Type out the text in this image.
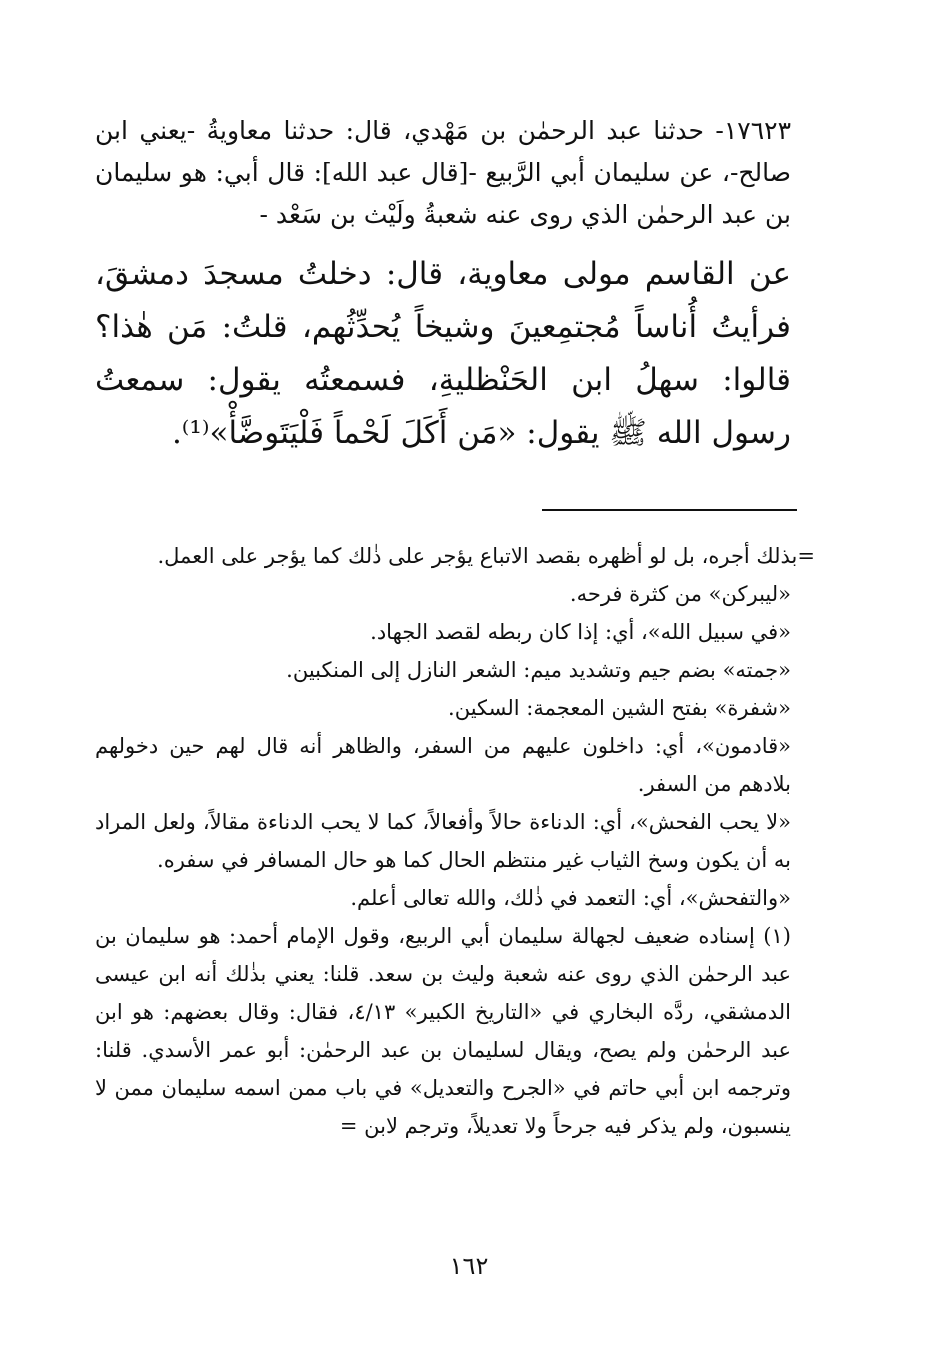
١٧٦٢٣- حدثنا عبد الرحمٰن بن مَهْدي، قال: حدثنا معاويةُ -يعني ابن صالح-، عن سليمان أبي الرَّبيع -[قال عبد الله]: قال أبي: هو سليمان بن عبد الرحمٰن الذي روى عنه شعبةُ ولَيْث بن سَعْد -

عن القاسم مولى معاوية، قال: دخلتُ مسجدَ دمشقَ، فرأيتُ أُناساً مُجتمِعينَ وشيخاً يُحدِّثُهم، قلتُ: مَن هٰذا؟ قالوا: سهلُ ابن الحَنْظليةِ، فسمعتُه يقول: سمعتُ رسول الله ﷺ يقول: «مَن أَكَلَ لَحْماً فَلْيَتَوضَّأْ»⁽¹⁾.

=بذلك أجره، بل لو أظهره بقصد الاتباع يؤجر على ذٰلك كما يؤجر على العمل.

«ليبركن» من كثرة فرحه.

«في سبيل الله»، أي: إذا كان ربطه لقصد الجهاد.

«جمته» بضم جيم وتشديد ميم: الشعر النازل إلى المنكبين.

«شفرة» بفتح الشين المعجمة: السكين.

«قادمون»، أي: داخلون عليهم من السفر، والظاهر أنه قال لهم حين دخولهم بلادهم من السفر.

«لا يحب الفحش»، أي: الدناءة حالاً وأفعالاً، كما لا يحب الدناءة مقالاً، ولعل المراد به أن يكون وسخ الثياب غير منتظم الحال كما هو حال المسافر في سفره.

«والتفحش»، أي: التعمد في ذٰلك، والله تعالى أعلم.

(١) إسناده ضعيف لجهالة سليمان أبي الربيع، وقول الإمام أحمد: هو سليمان بن عبد الرحمٰن الذي روى عنه شعبة وليث بن سعد. قلنا: يعني بذٰلك أنه ابن عيسى الدمشقي، ردَّه البخاري في «التاريخ الكبير» ٤/١٣، فقال: وقال بعضهم: هو ابن عبد الرحمٰن ولم يصح، ويقال لسليمان بن عبد الرحمٰن: أبو عمر الأسدي. قلنا: وترجمه ابن أبي حاتم في «الجرح والتعديل» في باب ممن اسمه سليمان ممن لا ينسبون، ولم يذكر فيه جرحاً ولا تعديلاً، وترجم لابن =

١٦٢
